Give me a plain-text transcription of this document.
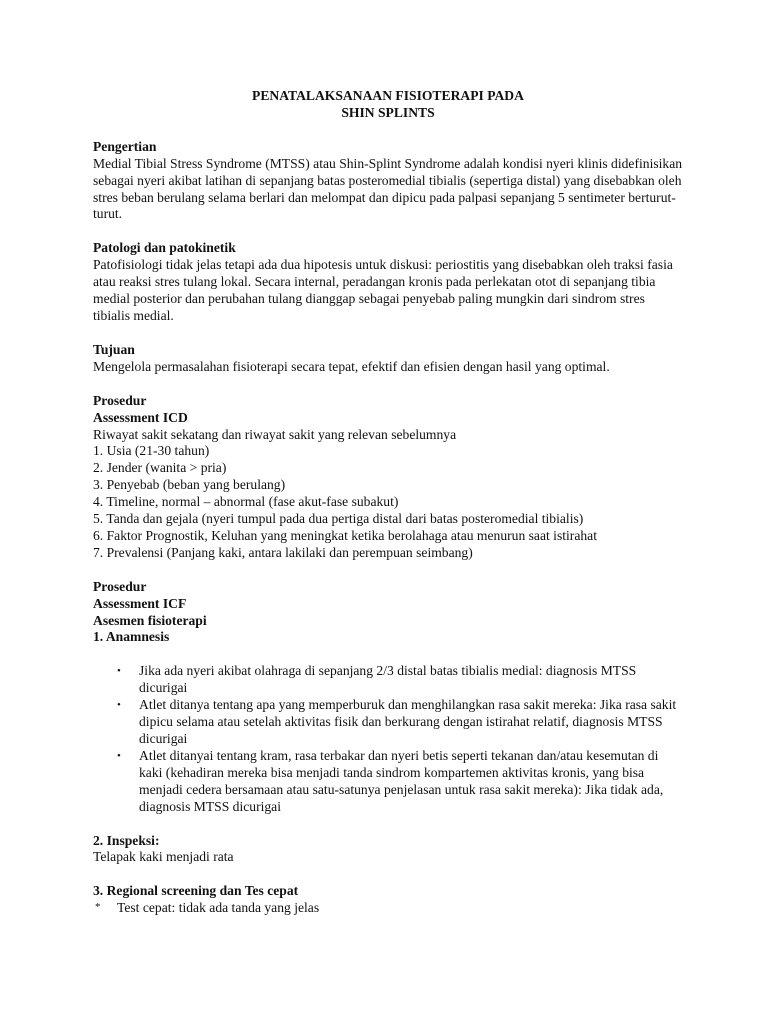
PENATALAKSANAAN FISIOTERAPI PADA
SHIN SPLINTS
Pengertian

Medial Tibial Stress Syndrome (MTSS) atau Shin-Splint Syndrome adalah kondisi nyeri klinis didefinisikan sebagai nyeri akibat latihan di sepanjang batas posteromedial tibialis (sepertiga distal) yang disebabkan oleh stres beban berulang selama berlari dan melompat dan dipicu pada palpasi sepanjang 5 sentimeter berturut-turut.

Patologi dan patokinetik

Patofisiologi tidak jelas tetapi ada dua hipotesis untuk diskusi: periostitis yang disebabkan oleh traksi fasia atau reaksi stres tulang lokal. Secara internal, peradangan kronis pada perlekatan otot di sepanjang tibia medial posterior dan perubahan tulang dianggap sebagai penyebab paling mungkin dari sindrom stres tibialis medial.

Tujuan

Mengelola permasalahan fisioterapi secara tepat, efektif dan efisien dengan hasil yang optimal.

Prosedur
Assessment ICD
Riwayat sakit sekatang dan riwayat sakit yang relevan sebelumnya
1. Usia (21-30 tahun)
2. Jender (wanita > pria)
3. Penyebab (beban yang berulang)
4. Timeline, normal – abnormal (fase akut-fase subakut)
5. Tanda dan gejala (nyeri tumpul pada dua pertiga distal dari batas posteromedial tibialis)
6. Faktor Prognostik, Keluhan yang meningkat ketika berolahaga atau menurun saat istirahat
7. Prevalensi (Panjang kaki, antara lakilaki dan perempuan seimbang)
Prosedur
Assessment ICF
Asesmen fisioterapi
1. Anamnesis
• Jika ada nyeri akibat olahraga di sepanjang 2/3 distal batas tibialis medial: diagnosis MTSS dicurigai
• Atlet ditanya tentang apa yang memperburuk dan menghilangkan rasa sakit mereka: Jika rasa sakit dipicu selama atau setelah aktivitas fisik dan berkurang dengan istirahat relatif, diagnosis MTSS dicurigai
• Atlet ditanyai tentang kram, rasa terbakar dan nyeri betis seperti tekanan dan/atau kesemutan di kaki (kehadiran mereka bisa menjadi tanda sindrom kompartemen aktivitas kronis, yang bisa menjadi cedera bersamaan atau satu-satunya penjelasan untuk rasa sakit mereka): Jika tidak ada, diagnosis MTSS dicurigai
2. Inspeksi:
Telapak kaki menjadi rata
3. Regional screening dan Tes cepat
* Test cepat: tidak ada tanda yang jelas
